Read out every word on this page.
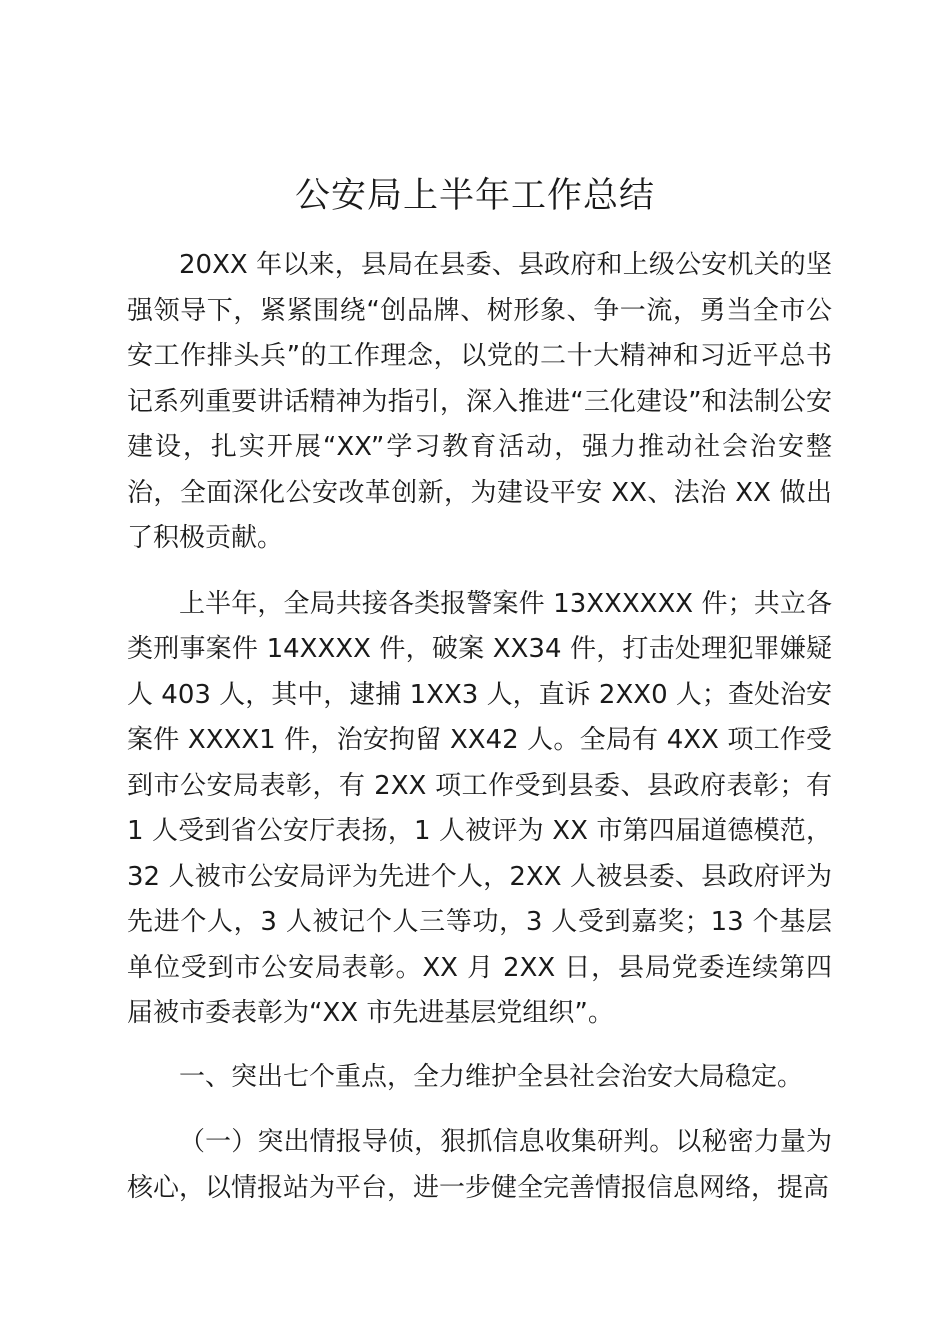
公安局上半年工作总结

20XX 年以来，县局在县委、县政府和上级公安机关的坚强领导下，紧紧围绕“创品牌、树形象、争一流，勇当全市公安工作排头兵”的工作理念，以党的二十大精神和习近平总书记系列重要讲话精神为指引，深入推进“三化建设”和法制公安建设，扎实开展“XX”学习教育活动，强力推动社会治安整治，全面深化公安改革创新，为建设平安 XX、法治 XX 做出了积极贡献。

上半年，全局共接各类报警案件 13XXXXXX 件；共立各类刑事案件 14XXXX 件，破案 XX34 件，打击处理犯罪嫌疑人 403 人，其中，逮捕 1XX3 人，直诉 2XX0 人；查处治安案件 XXXX1 件，治安拘留 XX42 人。全局有 4XX 项工作受到市公安局表彰，有 2XX 项工作受到县委、县政府表彰；有 1 人受到省公安厅表扬，1 人被评为 XX 市第四届道德模范，32 人被市公安局评为先进个人，2XX 人被县委、县政府评为先进个人，3 人被记个人三等功，3 人受到嘉奖；13 个基层单位受到市公安局表彰。XX 月 2XX 日，县局党委连续第四届被市委表彰为“XX 市先进基层党组织”。

一、突出七个重点，全力维护全县社会治安大局稳定。

（一）突出情报导侦，狠抓信息收集研判。以秘密力量为核心，以情报站为平台，进一步健全完善情报信息网络，提高
